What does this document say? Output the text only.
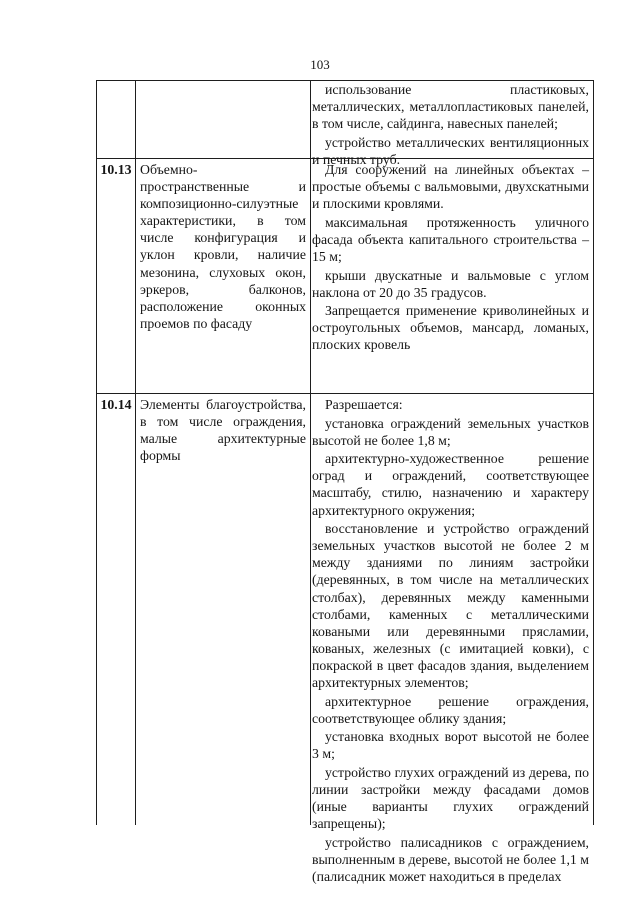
103

использование пластиковых, металлических, металлопластиковых панелей, в том числе, сайдинга, навесных панелей;

устройство металлических вентиляционных и печных труб.

10.13 Объемно-пространственные и композиционно-силуэтные характеристики, в том числе конфигурация и уклон кровли, наличие мезонина, слуховых окон, эркеров, балконов, расположение оконных проемов по фасаду

Для сооружений на линейных объектах – простые объемы с вальмовыми, двухскатными и плоскими кровлями.

максимальная протяженность уличного фасада объекта капитального строительства – 15 м;

крыши двускатные и вальмовые с углом наклона от 20 до 35 градусов.

Запрещается применение криволинейных и остроугольных объемов, мансард, ломаных, плоских кровель

10.14 Элементы благоустройства, в том числе ограждения, малые архитектурные формы

Разрешается:

установка ограждений земельных участков высотой не более 1,8 м;

архитектурно-художественное решение оград и ограждений, соответствующее масштабу, стилю, назначению и характеру архитектурного окружения;

восстановление и устройство ограждений земельных участков высотой не более 2 м между зданиями по линиям застройки (деревянных, в том числе на металлических столбах), деревянных между каменными столбами, каменных с металлическими коваными или деревянными прясламии, кованых, железных (с имитацией ковки), с покраской в цвет фасадов здания, выделением архитектурных элементов;

архитектурное решение ограждения, соответствующее облику здания;

установка входных ворот высотой не более 3 м;

устройство глухих ограждений из дерева, по линии застройки между фасадами домов (иные варианты глухих ограждений запрещены);

устройство палисадников с ограждением, выполненным в дереве, высотой не более 1,1 м (палисадник может находиться в пределах
